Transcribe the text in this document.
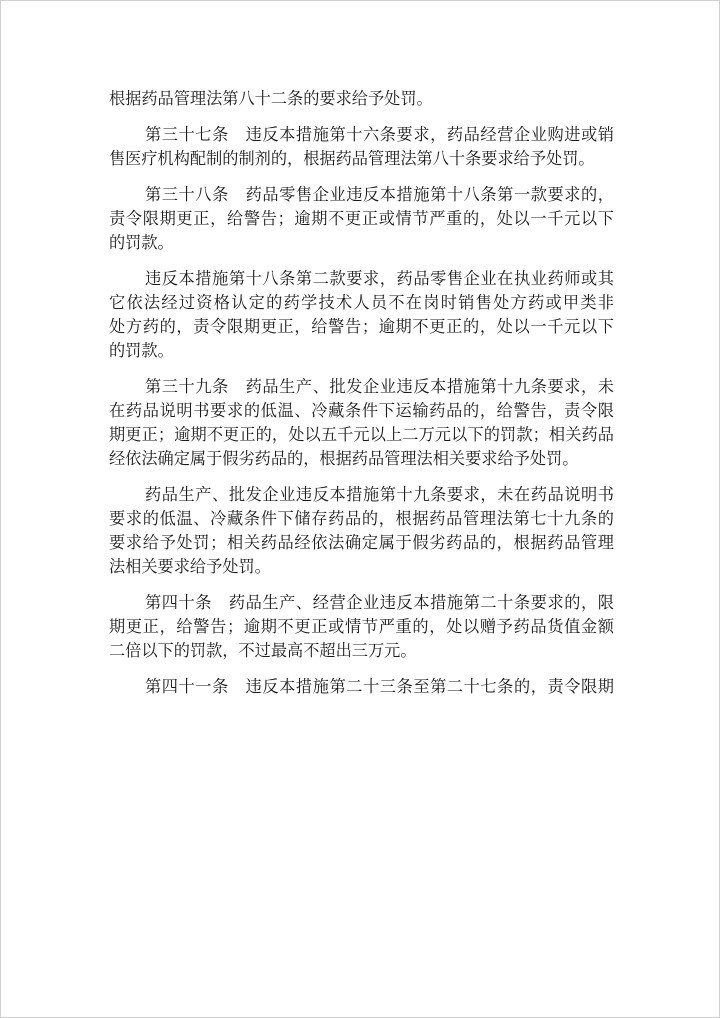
根据药品管理法第八十二条的要求给予处罚。

第三十七条　违反本措施第十六条要求，药品经营企业购进或销
售医疗机构配制的制剂的，根据药品管理法第八十条要求给予处罚。

第三十八条　药品零售企业违反本措施第十八条第一款要求的，
责令限期更正，给警告；逾期不更正或情节严重的，处以一千元以下
的罚款。

违反本措施第十八条第二款要求，药品零售企业在执业药师或其
它依法经过资格认定的药学技术人员不在岗时销售处方药或甲类非
处方药的，责令限期更正，给警告；逾期不更正的，处以一千元以下
的罚款。

第三十九条　药品生产、批发企业违反本措施第十九条要求，未
在药品说明书要求的低温、冷藏条件下运输药品的，给警告，责令限
期更正；逾期不更正的，处以五千元以上二万元以下的罚款；相关药品
经依法确定属于假劣药品的，根据药品管理法相关要求给予处罚。

药品生产、批发企业违反本措施第十九条要求，未在药品说明书
要求的低温、冷藏条件下储存药品的，根据药品管理法第七十九条的
要求给予处罚；相关药品经依法确定属于假劣药品的，根据药品管理
法相关要求给予处罚。

第四十条　药品生产、经营企业违反本措施第二十条要求的，限
期更正，给警告；逾期不更正或情节严重的，处以赠予药品货值金额
二倍以下的罚款，不过最高不超出三万元。

第四十一条　违反本措施第二十三条至第二十七条的，责令限期
